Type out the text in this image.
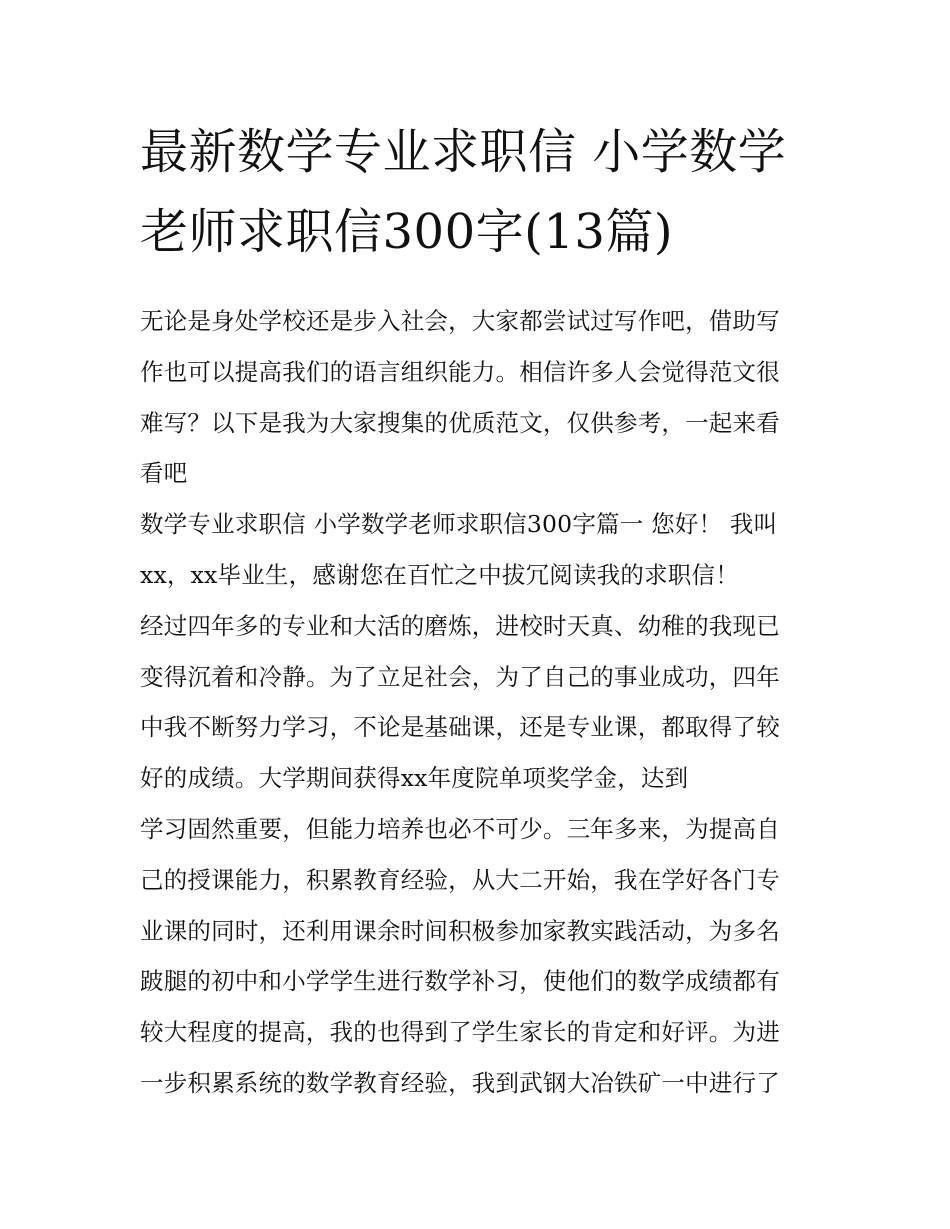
最新数学专业求职信 小学数学
老师求职信300字(13篇)
无论是身处学校还是步入社会，大家都尝试过写作吧，借助写
作也可以提高我们的语言组织能力。相信许多人会觉得范文很
难写？以下是我为大家搜集的优质范文，仅供参考，一起来看
看吧
数学专业求职信 小学数学老师求职信300字篇一 您好！ 我叫
xx，xx毕业生，感谢您在百忙之中拔冗阅读我的求职信！
经过四年多的专业和大活的磨炼，进校时天真、幼稚的我现已
变得沉着和冷静。为了立足社会，为了自己的事业成功，四年
中我不断努力学习，不论是基础课，还是专业课，都取得了较
好的成绩。大学期间获得xx年度院单项奖学金，达到
学习固然重要，但能力培养也必不可少。三年多来，为提高自
己的授课能力，积累教育经验，从大二开始，我在学好各门专
业课的同时，还利用课余时间积极参加家教实践活动，为多名
跛腿的初中和小学学生进行数学补习，使他们的数学成绩都有
较大程度的提高，我的也得到了学生家长的肯定和好评。为进
一步积累系统的数学教育经验，我到武钢大冶铁矿一中进行了
